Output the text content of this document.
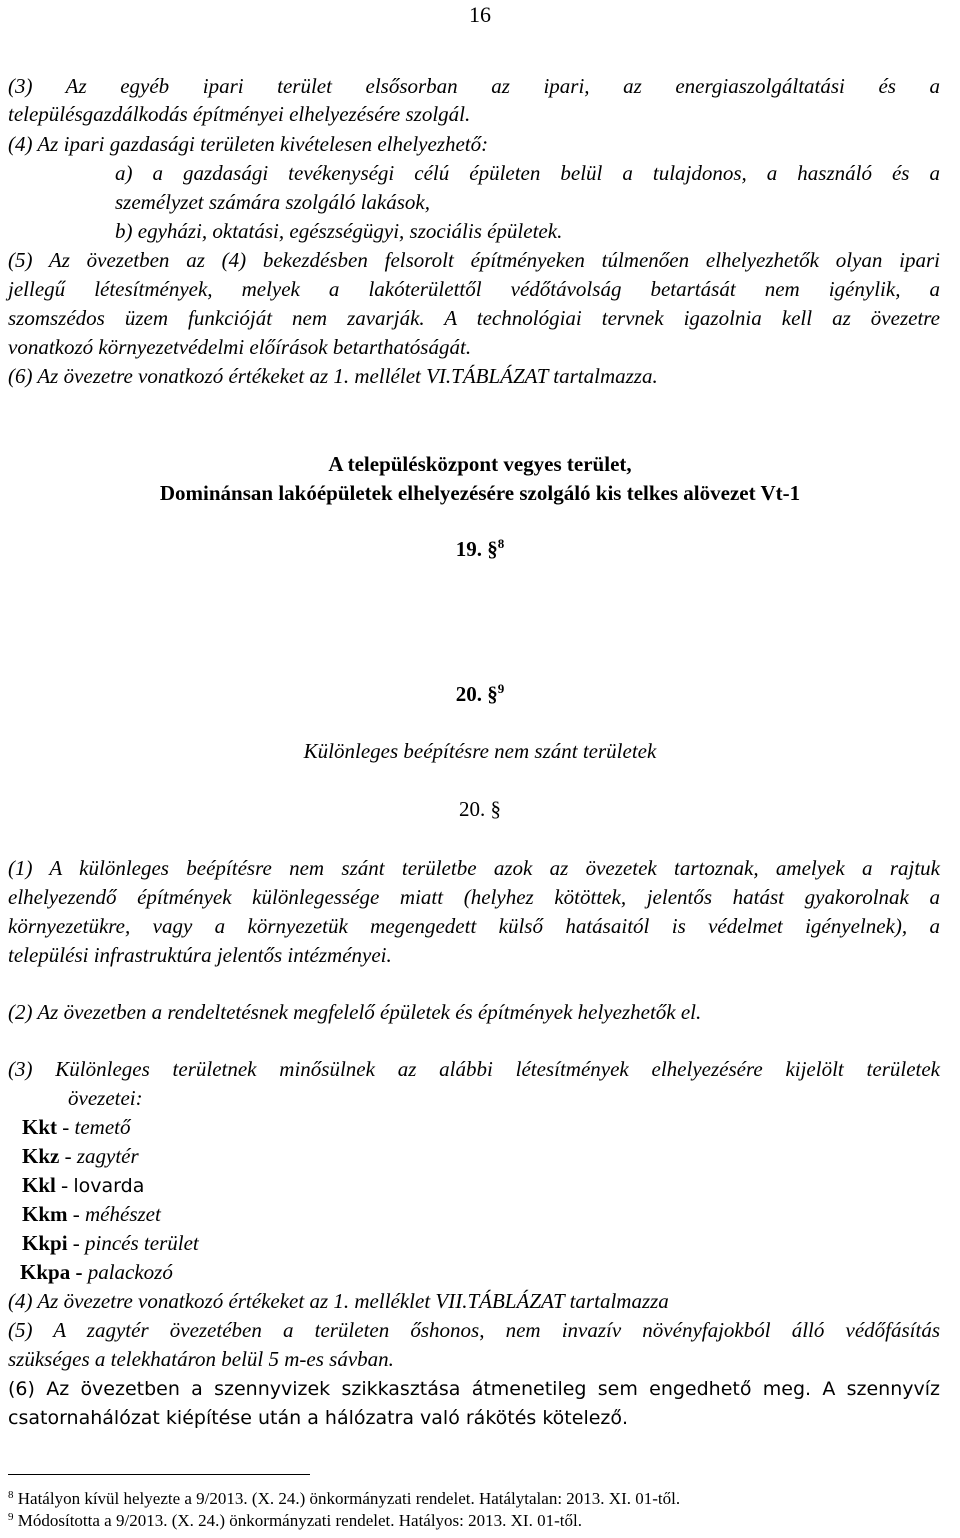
16
(3) Az egyéb ipari terület elsősorban az ipari, az energiaszolgáltatási és a
településgazdálkodás építményei elhelyezésére szolgál.
(4) Az ipari gazdasági területen kivételesen elhelyezhető:
a) a gazdasági tevékenységi célú épületen belül a tulajdonos, a használó és a
személyzet számára szolgáló lakások,
b) egyházi, oktatási, egészségügyi, szociális épületek.
(5) Az övezetben az (4) bekezdésben felsorolt építményeken túlmenően elhelyezhetők olyan ipari
jellegű létesítmények, melyek a lakóterülettől védőtávolság betartását nem igénylik, a
szomszédos üzem funkcióját nem zavarják. A technológiai tervnek igazolnia kell az övezetre
vonatkozó környezetvédelmi előírások betarthatóságát.
(6) Az övezetre vonatkozó értékeket az 1. mellélet VI.TÁBLÁZAT tartalmazza.
A településközpont vegyes terület,
Dominánsan lakóépületek elhelyezésére szolgáló kis telkes alövezet Vt-1
19. §$^8$
20. §$^9$
Különleges beépítésre nem szánt területek
20. §
(1) A különleges beépítésre nem szánt területbe azok az övezetek tartoznak, amelyek a rajtuk
elhelyezendő építmények különlegessége miatt (helyhez kötöttek, jelentős hatást gyakorolnak a
környezetükre, vagy a környezetük megengedett külső hatásaitól is védelmet igényelnek), a
települési infrastruktúra jelentős intézményei.
(2) Az övezetben a rendeltetésnek megfelelő épületek és építmények helyezhetők el.
(3) Különleges területnek minősülnek az alábbi létesítmények elhelyezésére kijelölt területek
övezetei:
Kkt - temető
Kkz - zagytér
Kkl - lovarda
Kkm - méhészet
Kkpi - pincés terület
Kkpa - palackozó
(4) Az övezetre vonatkozó értékeket az 1. melléklet VII.TÁBLÁZAT tartalmazza
(5) A zagytér övezetében a területen őshonos, nem invazív növényfajokból álló védőfásítás
szükséges a telekhatáron belül 5 m-es sávban.
(6) Az övezetben a szennyvizek szikkasztása átmenetileg sem engedhető meg. A szennyvíz
csatornahálózat kiépítése után a hálózatra való rákötés kötelező.
$^8$ Hatályon kívül helyezte a 9/2013. (X. 24.) önkormányzati rendelet. Hatálytalan: 2013. XI. 01-től.
$^9$ Módosította a 9/2013. (X. 24.) önkormányzati rendelet. Hatályos: 2013. XI. 01-től.
